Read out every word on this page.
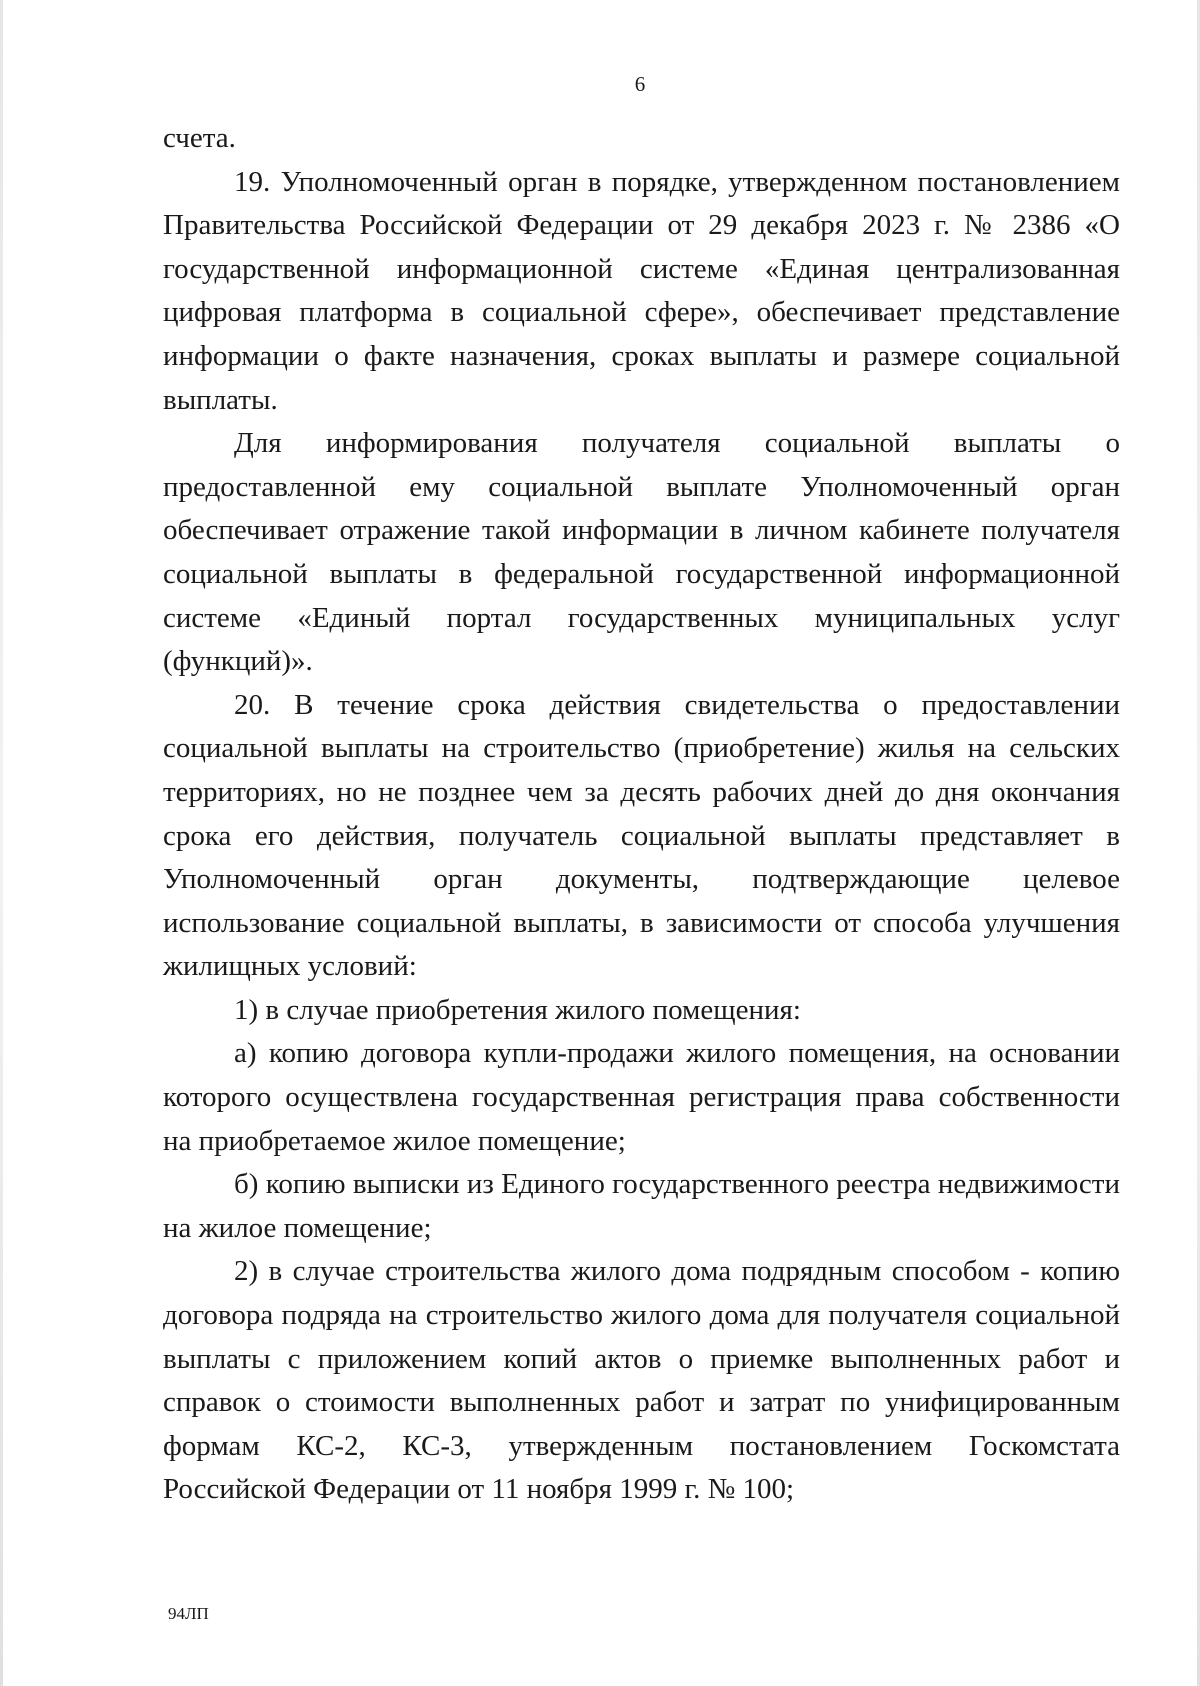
6

счета.

19. Уполномоченный орган в порядке, утвержденном постановлением Правительства Российской Федерации от 29 декабря 2023 г. № 2386 «О государственной информационной системе «Единая централизованная цифровая платформа в социальной сфере», обеспечивает представление информации о факте назначения, сроках выплаты и размере социальной выплаты.

Для информирования получателя социальной выплаты о предоставленной ему социальной выплате Уполномоченный орган обеспечивает отражение такой информации в личном кабинете получателя социальной выплаты в федеральной государственной информационной системе «Единый портал государственных муниципальных услуг (функций)».

20. В течение срока действия свидетельства о предоставлении социальной выплаты на строительство (приобретение) жилья на сельских территориях, но не позднее чем за десять рабочих дней до дня окончания срока его действия, получатель социальной выплаты представляет в Уполномоченный орган документы, подтверждающие целевое использование социальной выплаты, в зависимости от способа улучшения жилищных условий:

1) в случае приобретения жилого помещения:

а) копию договора купли-продажи жилого помещения, на основании которого осуществлена государственная регистрация права собственности на приобретаемое жилое помещение;

б) копию выписки из Единого государственного реестра недвижимости на жилое помещение;

2) в случае строительства жилого дома подрядным способом - копию договора подряда на строительство жилого дома для получателя социальной выплаты с приложением копий актов о приемке выполненных работ и справок о стоимости выполненных работ и затрат по унифицированным формам КС-2, КС-3, утвержденным постановлением Госкомстата Российской Федерации от 11 ноября 1999 г. № 100;

94ЛП
